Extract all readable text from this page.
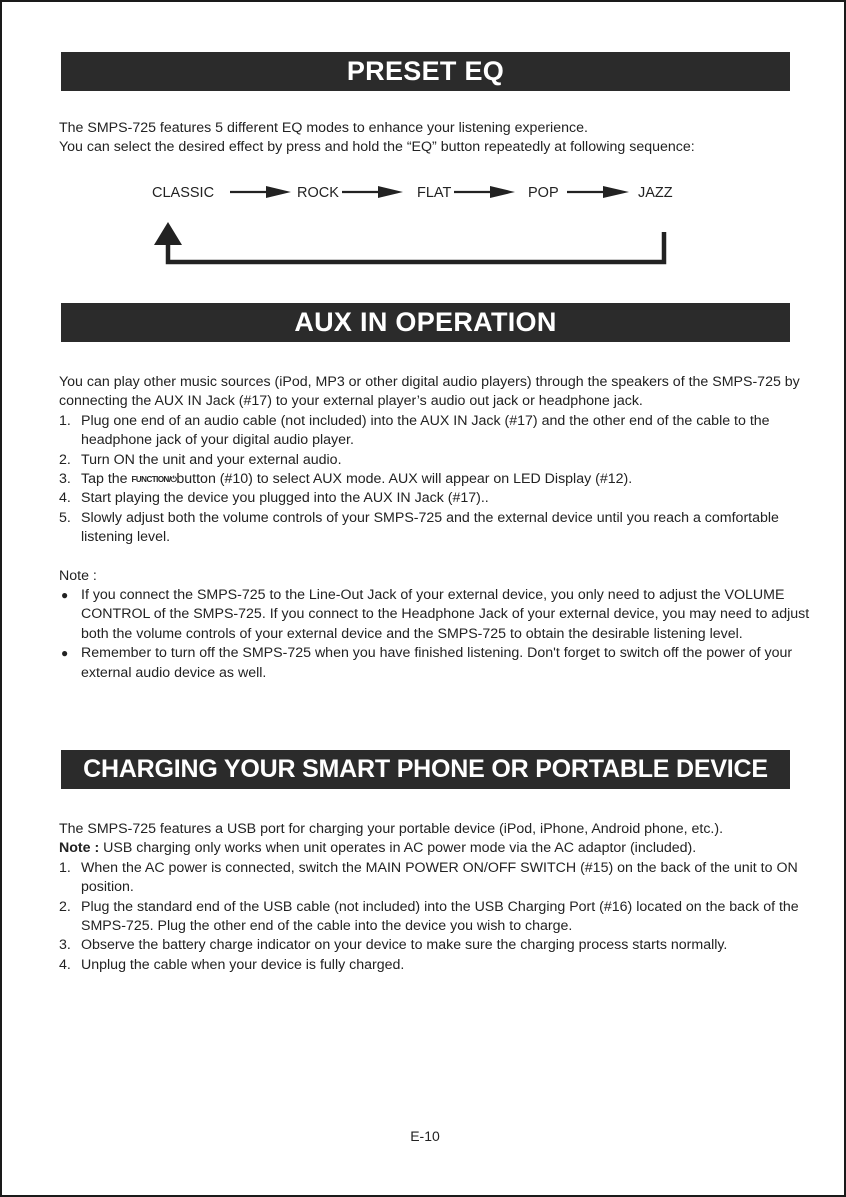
PRESET EQ

The SMPS-725 features 5 different EQ modes to enhance your listening experience.

You can select the desired effect by press and hold the “EQ” button repeatedly at following sequence:

CLASSIC	ROCK	FLAT	POP	JAZZ
AUX IN OPERATION

You can play other music sources (iPod, MP3 or other digital audio players) through the speakers of the SMPS-725 by connecting the AUX IN Jack (#17) to your external player’s audio out jack or headphone jack.

1. Plug one end of an audio cable (not included) into the AUX IN Jack (#17) and the other end of the cable to the headphone jack of your digital audio player.
2. Turn ON the unit and your external audio.
3. Tap the FUNCTION/⏻button (#10) to select AUX mode. AUX will appear on LED Display (#12).
4. Start playing the device you plugged into the AUX IN Jack (#17)..
5. Slowly adjust both the volume controls of your SMPS-725 and the external device until you reach a comfortable listening level.

Note :

● If you connect the SMPS-725 to the Line-Out Jack of your external device, you only need to adjust the VOLUME CONTROL of the SMPS-725. If you connect to the Headphone Jack of your external device, you may need to adjust both the volume controls of your external device and the SMPS-725 to obtain the desirable listening level.
● Remember to turn off the SMPS-725 when you have finished listening. Don't forget to switch off the power of your external audio device as well.
CHARGING YOUR SMART PHONE OR PORTABLE DEVICE

The SMPS-725 features a USB port for charging your portable device (iPod, iPhone, Android phone, etc.).

Note : USB charging only works when unit operates in AC power mode via the AC adaptor (included).

1. When the AC power is connected, switch the MAIN POWER ON/OFF SWITCH (#15) on the back of the unit to ON position.
2. Plug the standard end of the USB cable (not included) into the USB Charging Port (#16) located on the back of the SMPS-725. Plug the other end of the cable into the device you wish to charge.
3. Observe the battery charge indicator on your device to make sure the charging process starts normally.
4. Unplug the cable when your device is fully charged.
E-10
